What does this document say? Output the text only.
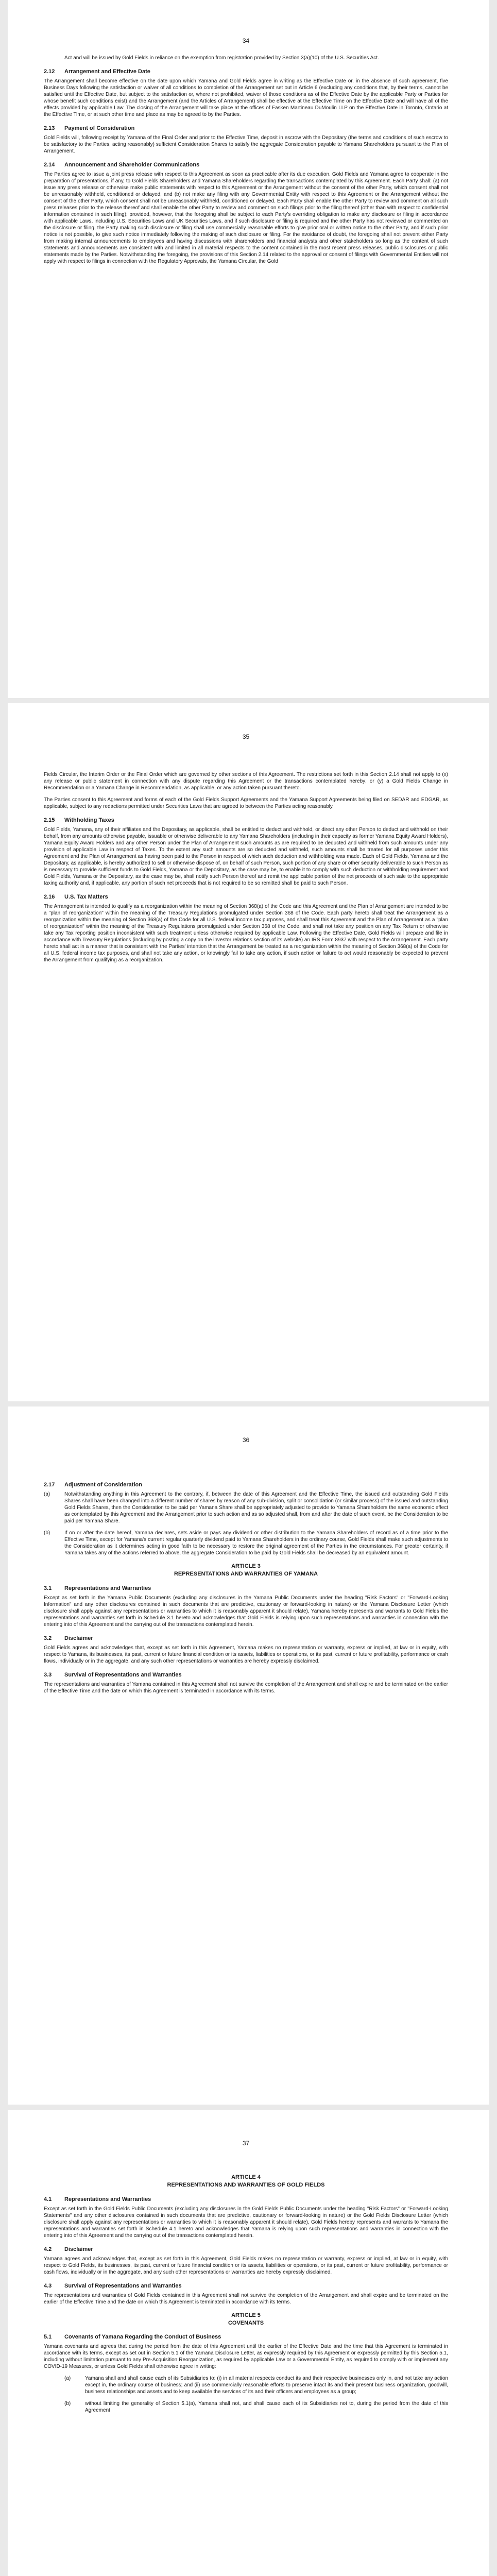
34

Act and will be issued by Gold Fields in reliance on the exemption from registration provided by Section 3(a)(10) of the U.S. Securities Act.

2.12 Arrangement and Effective Date

The Arrangement shall become effective on the date upon which Yamana and Gold Fields agree in writing as the Effective Date or, in the absence of such agreement, five Business Days following the satisfaction or waiver of all conditions to completion of the Arrangement set out in Article 6 (excluding any conditions that, by their terms, cannot be satisfied until the Effective Date, but subject to the satisfaction or, where not prohibited, waiver of those conditions as of the Effective Date by the applicable Party or Parties for whose benefit such conditions exist) and the Arrangement (and the Articles of Arrangement) shall be effective at the Effective Time on the Effective Date and will have all of the effects provided by applicable Law. The closing of the Arrangement will take place at the offices of Fasken Martineau DuMoulin LLP on the Effective Date in Toronto, Ontario at the Effective Time, or at such other time and place as may be agreed to by the Parties.

2.13 Payment of Consideration

Gold Fields will, following receipt by Yamana of the Final Order and prior to the Effective Time, deposit in escrow with the Depositary (the terms and conditions of such escrow to be satisfactory to the Parties, acting reasonably) sufficient Consideration Shares to satisfy the aggregate Consideration payable to Yamana Shareholders pursuant to the Plan of Arrangement.

2.14 Announcement and Shareholder Communications

The Parties agree to issue a joint press release with respect to this Agreement as soon as practicable after its due execution. Gold Fields and Yamana agree to cooperate in the preparation of presentations, if any, to Gold Fields Shareholders and Yamana Shareholders regarding the transactions contemplated by this Agreement. Each Party shall: (a) not issue any press release or otherwise make public statements with respect to this Agreement or the Arrangement without the consent of the other Party, which consent shall not be unreasonably withheld, conditioned or delayed, and (b) not make any filing with any Governmental Entity with respect to this Agreement or the Arrangement without the consent of the other Party, which consent shall not be unreasonably withheld, conditioned or delayed. Each Party shall enable the other Party to review and comment on all such press releases prior to the release thereof and shall enable the other Party to review and comment on such filings prior to the filing thereof (other than with respect to confidential information contained in such filing); provided, however, that the foregoing shall be subject to each Party's overriding obligation to make any disclosure or filing in accordance with applicable Laws, including U.S. Securities Laws and UK Securities Laws, and if such disclosure or filing is required and the other Party has not reviewed or commented on the disclosure or filing, the Party making such disclosure or filing shall use commercially reasonable efforts to give prior oral or written notice to the other Party, and if such prior notice is not possible, to give such notice immediately following the making of such disclosure or filing. For the avoidance of doubt, the foregoing shall not prevent either Party from making internal announcements to employees and having discussions with shareholders and financial analysts and other stakeholders so long as the content of such statements and announcements are consistent with and limited in all material respects to the content contained in the most recent press releases, public disclosures or public statements made by the Parties. Notwithstanding the foregoing, the provisions of this Section 2.14 related to the approval or consent of filings with Governmental Entities will not apply with respect to filings in connection with the Regulatory Approvals, the Yamana Circular, the Gold

35

Fields Circular, the Interim Order or the Final Order which are governed by other sections of this Agreement. The restrictions set forth in this Section 2.14 shall not apply to (x) any release or public statement in connection with any dispute regarding this Agreement or the transactions contemplated hereby; or (y) a Gold Fields Change in Recommendation or a Yamana Change in Recommendation, as applicable, or any action taken pursuant thereto.

The Parties consent to this Agreement and forms of each of the Gold Fields Support Agreements and the Yamana Support Agreements being filed on SEDAR and EDGAR, as applicable, subject to any redactions permitted under Securities Laws that are agreed to between the Parties acting reasonably.

2.15 Withholding Taxes

Gold Fields, Yamana, any of their affiliates and the Depositary, as applicable, shall be entitled to deduct and withhold, or direct any other Person to deduct and withhold on their behalf, from any amounts otherwise payable, issuable or otherwise deliverable to any Yamana Shareholders (including in their capacity as former Yamana Equity Award Holders), Yamana Equity Award Holders and any other Person under the Plan of Arrangement such amounts as are required to be deducted and withheld from such amounts under any provision of applicable Law in respect of Taxes. To the extent any such amounts are so deducted and withheld, such amounts shall be treated for all purposes under this Agreement and the Plan of Arrangement as having been paid to the Person in respect of which such deduction and withholding was made. Each of Gold Fields, Yamana and the Depositary, as applicable, is hereby authorized to sell or otherwise dispose of, on behalf of such Person, such portion of any share or other security deliverable to such Person as is necessary to provide sufficient funds to Gold Fields, Yamana or the Depositary, as the case may be, to enable it to comply with such deduction or withholding requirement and Gold Fields, Yamana or the Depositary, as the case may be, shall notify such Person thereof and remit the applicable portion of the net proceeds of such sale to the appropriate taxing authority and, if applicable, any portion of such net proceeds that is not required to be so remitted shall be paid to such Person.

2.16 U.S. Tax Matters

The Arrangement is intended to qualify as a reorganization within the meaning of Section 368(a) of the Code and this Agreement and the Plan of Arrangement are intended to be a "plan of reorganization" within the meaning of the Treasury Regulations promulgated under Section 368 of the Code. Each party hereto shall treat the Arrangement as a reorganization within the meaning of Section 368(a) of the Code for all U.S. federal income tax purposes, and shall treat this Agreement and the Plan of Arrangement as a "plan of reorganization" within the meaning of the Treasury Regulations promulgated under Section 368 of the Code, and shall not take any position on any Tax Return or otherwise take any Tax reporting position inconsistent with such treatment unless otherwise required by applicable Law. Following the Effective Date, Gold Fields will prepare and file in accordance with Treasury Regulations (including by posting a copy on the investor relations section of its website) an IRS Form 8937 with respect to the Arrangement. Each party hereto shall act in a manner that is consistent with the Parties' intention that the Arrangement be treated as a reorganization within the meaning of Section 368(a) of the Code for all U.S. federal income tax purposes, and shall not take any action, or knowingly fail to take any action, if such action or failure to act would reasonably be expected to prevent the Arrangement from qualifying as a reorganization.

36
2.17 Adjustment of Consideration
(a)	Notwithstanding anything in this Agreement to the contrary, if, between the date of this Agreement and the Effective Time, the issued and outstanding Gold Fields Shares shall have been changed into a different number of shares by reason of any sub-division, split or consolidation (or similar process) of the issued and outstanding Gold Fields Shares, then the Consideration to be paid per Yamana Share shall be appropriately adjusted to provide to Yamana Shareholders the same economic effect as contemplated by this Agreement and the Arrangement prior to such action and as so adjusted shall, from and after the date of such event, be the Consideration to be paid per Yamana Share.
(b)	If on or after the date hereof, Yamana declares, sets aside or pays any dividend or other distribution to the Yamana Shareholders of record as of a time prior to the Effective Time, except for Yamana's current regular quarterly dividend paid to Yamana Shareholders in the ordinary course, Gold Fields shall make such adjustments to the Consideration as it determines acting in good faith to be necessary to restore the original agreement of the Parties in the circumstances. For greater certainty, if Yamana takes any of the actions referred to above, the aggregate Consideration to be paid by Gold Fields shall be decreased by an equivalent amount.
ARTICLE 3
REPRESENTATIONS AND WARRANTIES OF YAMANA
3.1 Representations and Warranties

Except as set forth in the Yamana Public Documents (excluding any disclosures in the Yamana Public Documents under the heading "Risk Factors" or "Forward-Looking Information" and any other disclosures contained in such documents that are predictive, cautionary or forward-looking in nature) or the Yamana Disclosure Letter (which disclosure shall apply against any representations or warranties to which it is reasonably apparent it should relate), Yamana hereby represents and warrants to Gold Fields the representations and warranties set forth in Schedule 3.1 hereto and acknowledges that Gold Fields is relying upon such representations and warranties in connection with the entering into of this Agreement and the carrying out of the transactions contemplated herein.

3.2 Disclaimer

Gold Fields agrees and acknowledges that, except as set forth in this Agreement, Yamana makes no representation or warranty, express or implied, at law or in equity, with respect to Yamana, its businesses, its past, current or future financial condition or its assets, liabilities or operations, or its past, current or future profitability, performance or cash flows, individually or in the aggregate, and any such other representations or warranties are hereby expressly disclaimed.

3.3 Survival of Representations and Warranties

The representations and warranties of Yamana contained in this Agreement shall not survive the completion of the Arrangement and shall expire and be terminated on the earlier of the Effective Time and the date on which this Agreement is terminated in accordance with its terms.

37
ARTICLE 4
REPRESENTATIONS AND WARRANTIES OF GOLD FIELDS
4.1 Representations and Warranties

Except as set forth in the Gold Fields Public Documents (excluding any disclosures in the Gold Fields Public Documents under the heading "Risk Factors" or "Forward-Looking Statements" and any other disclosures contained in such documents that are predictive, cautionary or forward-looking in nature) or the Gold Fields Disclosure Letter (which disclosure shall apply against any representations or warranties to which it is reasonably apparent it should relate), Gold Fields hereby represents and warrants to Yamana the representations and warranties set forth in Schedule 4.1 hereto and acknowledges that Yamana is relying upon such representations and warranties in connection with the entering into of this Agreement and the carrying out of the transactions contemplated herein.

4.2 Disclaimer

Yamana agrees and acknowledges that, except as set forth in this Agreement, Gold Fields makes no representation or warranty, express or implied, at law or in equity, with respect to Gold Fields, its businesses, its past, current or future financial condition or its assets, liabilities or operations, or its past, current or future profitability, performance or cash flows, individually or in the aggregate, and any such other representations or warranties are hereby expressly disclaimed.

4.3 Survival of Representations and Warranties

The representations and warranties of Gold Fields contained in this Agreement shall not survive the completion of the Arrangement and shall expire and be terminated on the earlier of the Effective Time and the date on which this Agreement is terminated in accordance with its terms.

ARTICLE 5
COVENANTS
5.1 Covenants of Yamana Regarding the Conduct of Business

Yamana covenants and agrees that during the period from the date of this Agreement until the earlier of the Effective Date and the time that this Agreement is terminated in accordance with its terms, except as set out in Section 5.1 of the Yamana Disclosure Letter, as expressly required by this Agreement or expressly permitted by this Section 5.1, including without limitation pursuant to any Pre-Acquisition Reorganization, as required by applicable Law or a Governmental Entity, as required to comply with or implement any COVID-19 Measures, or unless Gold Fields shall otherwise agree in writing:

(a)	Yamana shall and shall cause each of its Subsidiaries to: (i) in all material respects conduct its and their respective businesses only in, and not take any action except in, the ordinary course of business; and (ii) use commercially reasonable efforts to preserve intact its and their present business organization, goodwill, business relationships and assets and to keep available the services of its and their officers and employees as a group;
(b)	without limiting the generality of Section 5.1(a), Yamana shall not, and shall cause each of its Subsidiaries not to, during the period from the date of this Agreement
